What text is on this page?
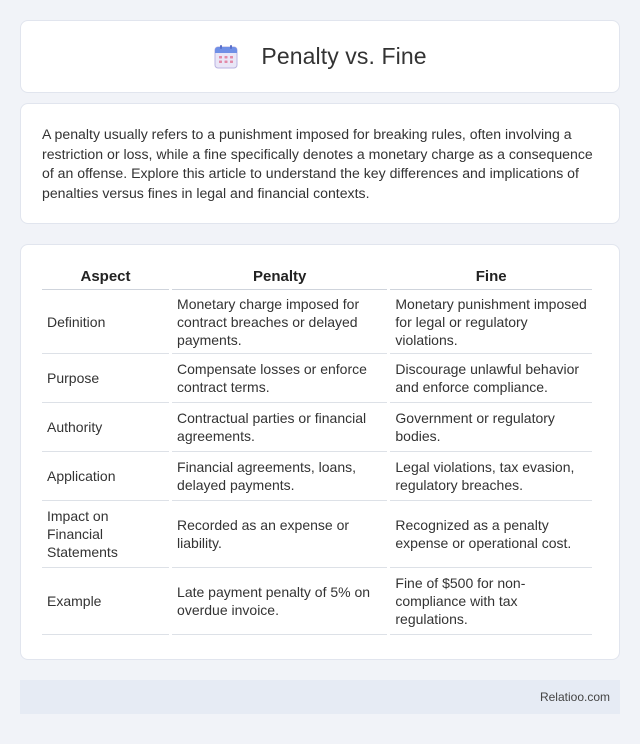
Penalty vs. Fine

A penalty usually refers to a punishment imposed for breaking rules, often involving a restriction or loss, while a fine specifically denotes a monetary charge as a consequence of an offense. Explore this article to understand the key differences and implications of penalties versus fines in legal and financial contexts.

Aspect	Penalty	Fine
Definition	Monetary charge imposed for contract breaches or delayed payments.	Monetary punishment imposed for legal or regulatory violations.
Purpose	Compensate losses or enforce contract terms.	Discourage unlawful behavior and enforce compliance.
Authority	Contractual parties or financial agreements.	Government or regulatory bodies.
Application	Financial agreements, loans, delayed payments.	Legal violations, tax evasion, regulatory breaches.
Impact on Financial Statements	Recorded as an expense or liability.	Recognized as a penalty expense or operational cost.
Example	Late payment penalty of 5% on overdue invoice.	Fine of $500 for non-compliance with tax regulations.
Relatioo.com
